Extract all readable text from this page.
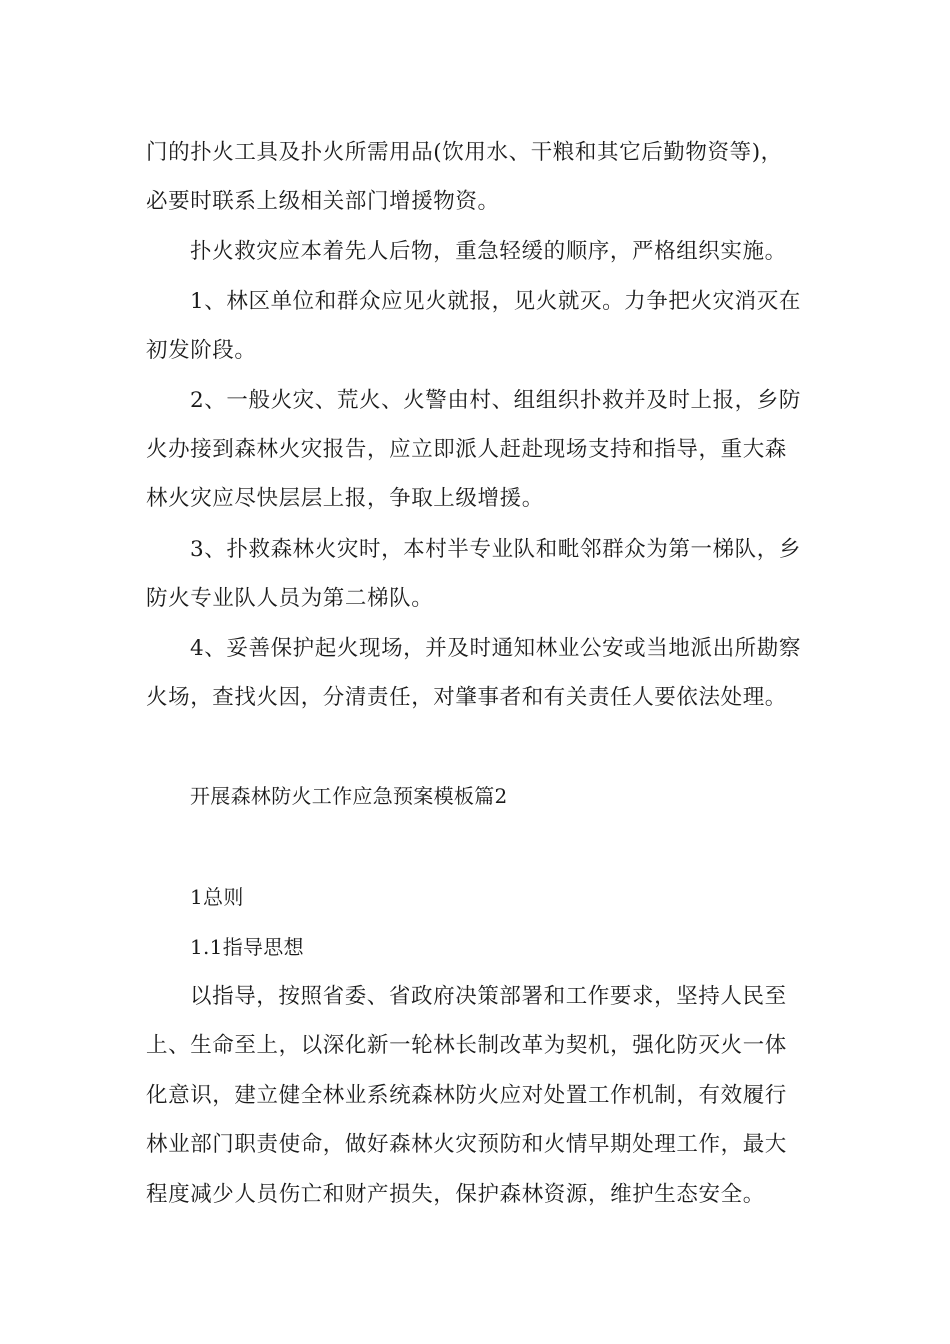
门的扑火工具及扑火所需用品(饮用水、干粮和其它后勤物资等)，
必要时联系上级相关部门增援物资。
扑火救灾应本着先人后物，重急轻缓的顺序，严格组织实施。
1、林区单位和群众应见火就报，见火就灭。力争把火灾消灭在
初发阶段。
2、一般火灾、荒火、火警由村、组组织扑救并及时上报，乡防
火办接到森林火灾报告，应立即派人赶赴现场支持和指导，重大森
林火灾应尽快层层上报，争取上级增援。
3、扑救森林火灾时，本村半专业队和毗邻群众为第一梯队，乡
防火专业队人员为第二梯队。
4、妥善保护起火现场，并及时通知林业公安或当地派出所勘察
火场，查找火因，分清责任，对肇事者和有关责任人要依法处理。
开展森林防火工作应急预案模板篇2
1总则
1.1指导思想
以指导，按照省委、省政府决策部署和工作要求，坚持人民至
上、生命至上，以深化新一轮林长制改革为契机，强化防灭火一体
化意识，建立健全林业系统森林防火应对处置工作机制，有效履行
林业部门职责使命，做好森林火灾预防和火情早期处理工作，最大
程度减少人员伤亡和财产损失，保护森林资源，维护生态安全。
